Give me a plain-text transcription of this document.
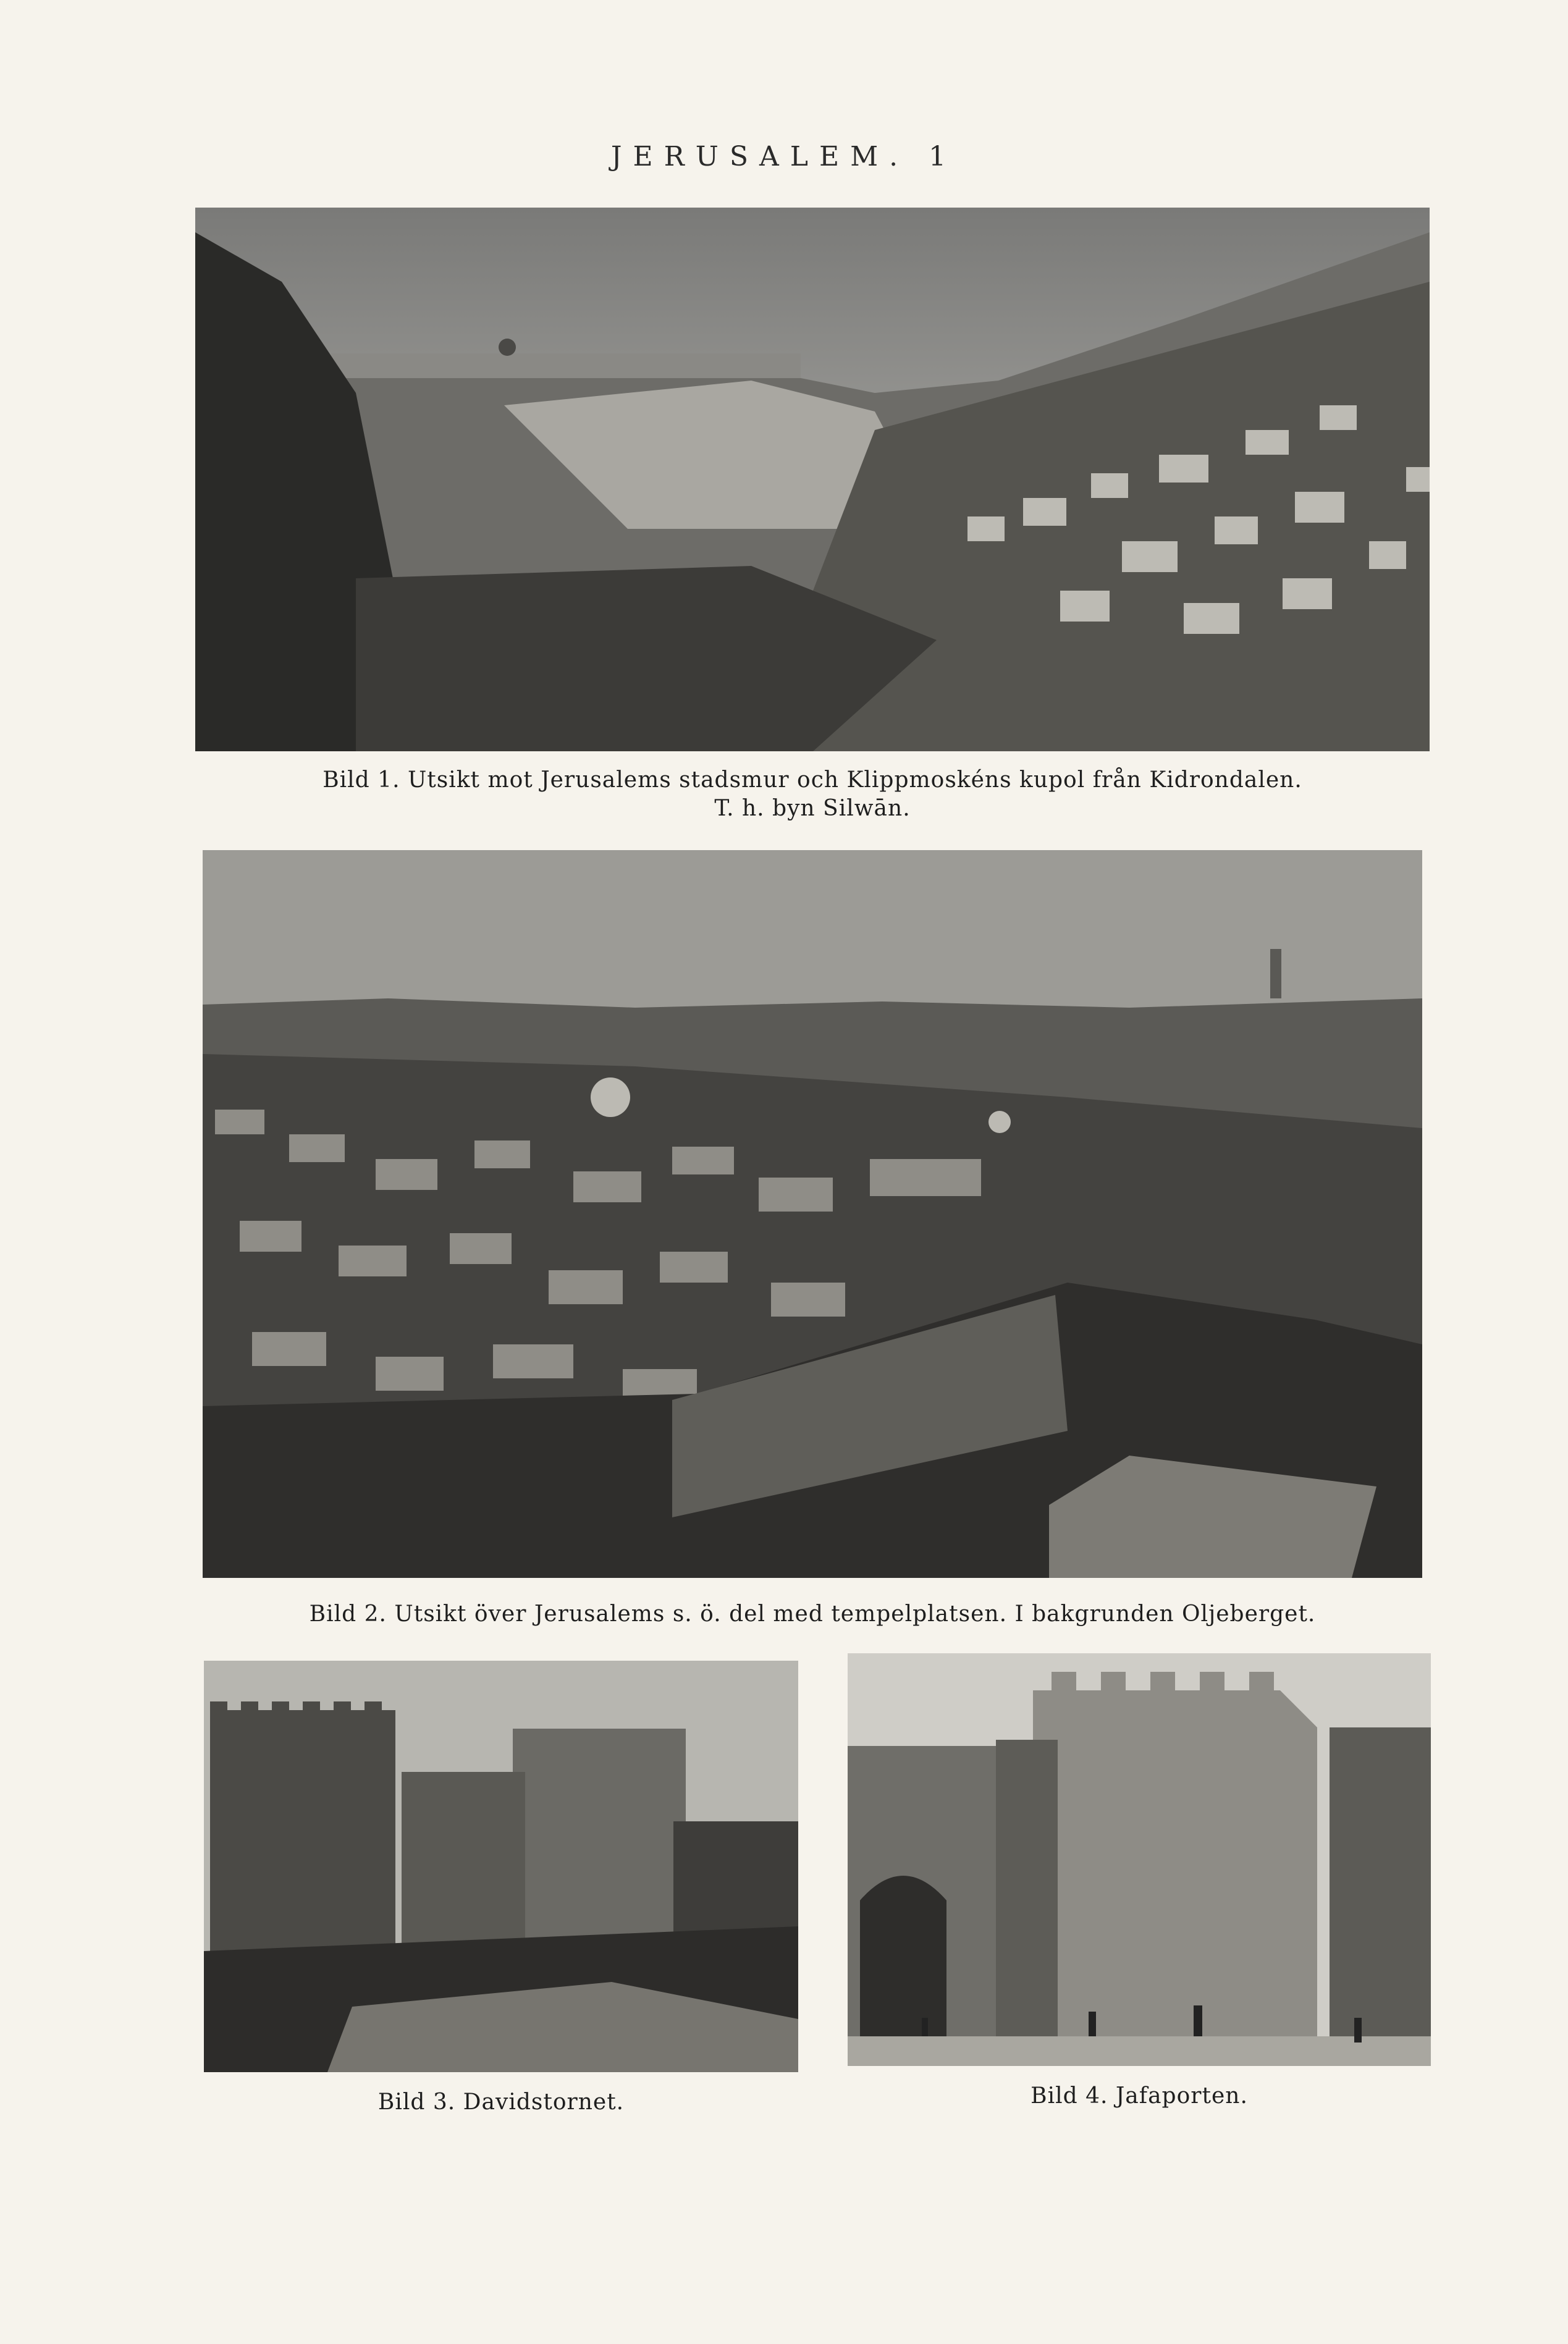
JERUSALEM. 1
Bild 1. Utsikt mot Jerusalems stadsmur och Klippmoskéns kupol från Kidrondalen.
T. h. byn Silwān.
Bild 2. Utsikt över Jerusalems s. ö. del med tempelplatsen. I bakgrunden Oljeberget.
Bild 3. Davidstornet.	Bild 4. Jafaporten.
